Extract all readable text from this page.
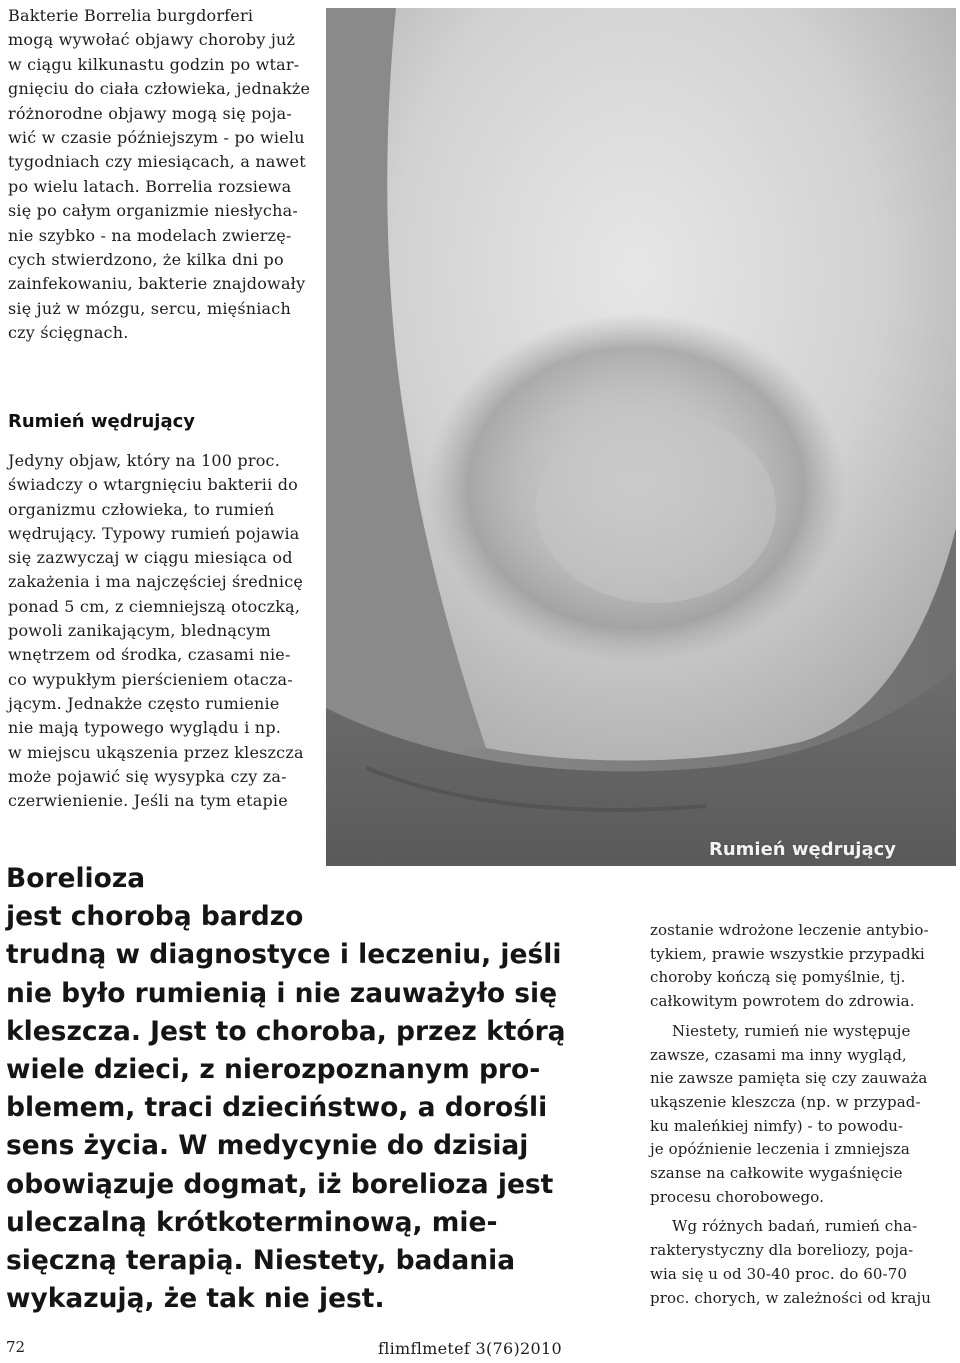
Bakterie Borrelia burgdorferi
mogą wywołać objawy choroby już
w ciągu kilkunastu godzin po wtar-
gnięciu do ciała człowieka, jednakże
różnorodne objawy mogą się poja-
wić w czasie późniejszym - po wielu
tygodniach czy miesiącach, a nawet
po wielu latach. Borrelia rozsiewa
się po całym organizmie niesłycha-
nie szybko - na modelach zwierzę-
cych stwierdzono, że kilka dni po
zainfekowaniu, bakterie znajdowały
się już w mózgu, sercu, mięśniach
czy ścięgnach.

Rumień wędrujący

Jedyny objaw, który na 100 proc.
świadczy o wtargnięciu bakterii do
organizmu człowieka, to rumień
wędrujący. Typowy rumień pojawia
się zazwyczaj w ciągu miesiąca od
zakażenia i ma najczęściej średnicę
ponad 5 cm, z ciemniejszą otoczką,
powoli zanikającym, blednącym
wnętrzem od środka, czasami nie-
co wypukłym pierścieniem otacza-
jącym. Jednakże często rumienie
nie mają typowego wyglądu i np.
w miejscu ukąszenia przez kleszcza
może pojawić się wysypka czy za-
czerwienienie. Jeśli na tym etapie

Rumień wędrujący
Borelioza
jest chorobą bardzo
trudną w diagnostyce i leczeniu, jeśli
nie było rumienią i nie zauważyło się
kleszcza. Jest to choroba, przez którą
wiele dzieci, z nierozpoznanym pro-
blemem, traci dzieciństwo, a dorośli
sens życia. W medycynie do dzisiaj
obowiązuje dogmat, iż borelioza jest
uleczalną krótkoterminową, mie-
sięczną terapią. Niestety, badania
wykazują, że tak nie jest.

zostanie wdrożone leczenie antybio-
tykiem, prawie wszystkie przypadki
choroby kończą się pomyślnie, tj.
całkowitym powrotem do zdrowia.

Niestety, rumień nie występuje
zawsze, czasami ma inny wygląd,
nie zawsze pamięta się czy zauważa
ukąszenie kleszcza (np. w przypad-
ku maleńkiej nimfy) - to powodu-
je opóźnienie leczenia i zmniejsza
szanse na całkowite wygaśnięcie
procesu chorobowego.

Wg różnych badań, rumień cha-
rakterystyczny dla boreliozy, poja-
wia się u od 30-40 proc. do 60-70
proc. chorych, w zależności od kraju

72	flimflmetef 3(76)2010
